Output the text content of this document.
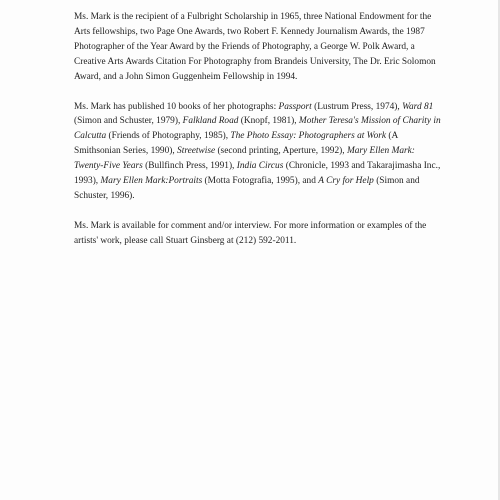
Ms. Mark is the recipient of a Fulbright Scholarship in 1965, three National Endowment for the Arts fellowships, two Page One Awards, two Robert F. Kennedy Journalism Awards, the 1987 Photographer of the Year Award by the Friends of Photography, a George W. Polk Award, a Creative Arts Awards Citation For Photography from Brandeis University, The Dr. Eric Solomon Award, and a John Simon Guggenheim Fellowship in 1994.

Ms. Mark has published 10 books of her photographs: Passport (Lustrum Press, 1974), Ward 81 (Simon and Schuster, 1979), Falkland Road (Knopf, 1981), Mother Teresa's Mission of Charity in Calcutta (Friends of Photography, 1985), The Photo Essay: Photographers at Work (A Smithsonian Series, 1990), Streetwise (second printing, Aperture, 1992), Mary Ellen Mark: Twenty-Five Years (Bullfinch Press, 1991), India Circus (Chronicle, 1993 and Takarajimasha Inc., 1993), Mary Ellen Mark:Portraits (Motta Fotografia, 1995), and A Cry for Help (Simon and Schuster, 1996).

Ms. Mark is available for comment and/or interview. For more information or examples of the artists' work, please call Stuart Ginsberg at (212) 592-2011.
